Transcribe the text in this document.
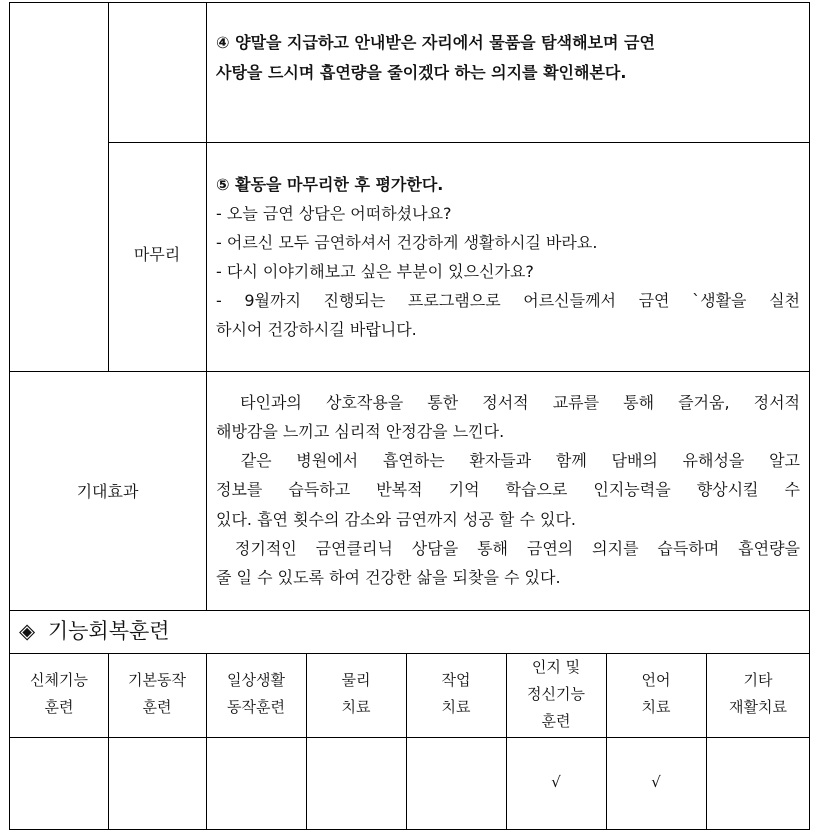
④ 양말을 지급하고 안내받은 자리에서 물품을 탐색해보며 금연
사탕을 드시며 흡연량을 줄이겠다 하는 의지를 확인해본다.
마무리
⑤ 활동을 마무리한 후 평가한다.
- 오늘 금연 상담은 어떠하셨나요?
- 어르신 모두 금연하셔서 건강하게 생활하시길 바라요.
- 다시 이야기해보고 싶은 부분이 있으신가요?
- 9월까지 진행되는 프로그램으로 어르신들께서 금연 `생활을 실천
하시어 건강하시길 바랍니다.
기대효과
타인과의 상호작용을 통한 정서적 교류를 통해 즐거움, 정서적
해방감을 느끼고 심리적 안정감을 느낀다.
같은 병원에서 흡연하는 환자들과 함께 담배의 유해성을 알고
정보를 습득하고 반복적 기억 학습으로 인지능력을 향상시킬 수
있다. 흡연 횟수의 감소와 금연까지 성공 할 수 있다.
정기적인 금연클리닉 상담을 통해 금연의 의지를 습득하며 흡연량을
줄 일 수 있도록 하여 건강한 삶을 되찾을 수 있다.
◈ 기능회복훈련
신체기능
훈련
기본동작
훈련
일상생활
동작훈련
물리
치료
작업
치료
인지 및
정신기능
훈련
언어
치료
기타
재활치료
√	√
